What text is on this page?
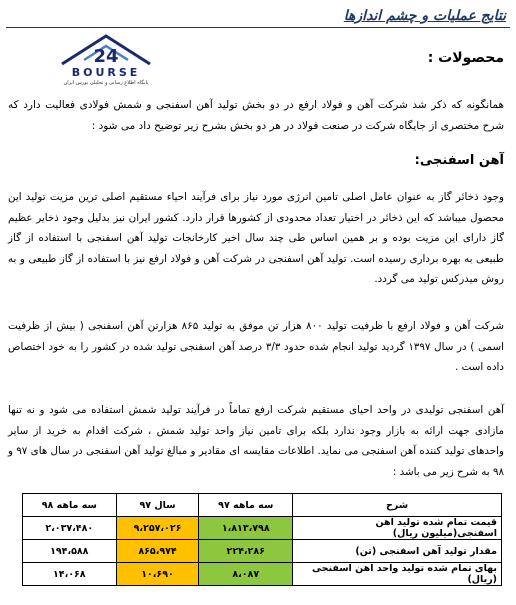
نتایج عملیات و چشم اندازها
24
BOURSE
پایگاه اطلاع رسانی و تحلیلی بورس ایران
محصولات :
همانگونه که ذکر شد شرکت آهن و فولاد ارفع در دو بخش تولید آهن اسفنجی و شمش فولادی فعالیت دارد که شرح مختصری از جایگاه شرکت در صنعت فولاد در هر دو بخش بشرح زیر توضیح داد می شود :
آهن اسفنجی:
وجود ذخائر گاز به عنوان عامل اصلی تامین انرژی مورد نیاز برای فرآیند احیاء مستقیم اصلی ترین مزیت تولید این محصول میباشد که این ذخائر در اختیار تعداد محدودی از کشورها قرار دارد. کشور ایران نیز بدلیل وجود ذخایر عظیم گاز دارای این مزیت بوده و بر همین اساس طی چند سال اخیر کارخانجات تولید آهن اسفنجی با استفاده از گاز طبیعی به بهره برداری رسیده است. تولید آهن اسفنجی در شرکت آهن و فولاد ارفع نیز با استفاده از گاز طبیعی و به روش میدرکس تولید می گردد.
شرکت آهن و فولاد ارفع با ظرفیت تولید ۸۰۰ هزار تن موفق به تولید ۸۶۵ هزارتن آهن اسفنجی ( بیش از ظرفیت اسمی ) در سال ۱۳۹۷ گردید تولید انجام شده حدود ۳/۳ درصد آهن اسفنجی تولید شده در کشور را به خود اختصاص داده است .
آهن اسفنجی تولیدی در واحد احیای مستقیم شرکت ارفع تماماً در فرآیند تولید شمش استفاده می شود و نه تنها مازادی جهت ارائه به بازار وجود ندارد بلکه برای تامین نیاز واحد تولید شمش ، شرکت اقدام به خرید از سایر واحدهای تولید کننده آهن اسفنجی می نماید. اطلاعات مقایسه ای مقادیر و مبالغ تولید آهن اسفنجی در سال های ۹۷ و ۹۸ به شرح زیر می باشد :
شرح	سه ماهه ۹۷	سال ۹۷	سه ماهه ۹۸
قیمت تمام شده تولید آهن اسفنجی(میلیون ریال)	۱،۸۱۳،۷۹۸	۹،۲۵۷،۰۲۶	۲،۰۳۷،۴۸۰
مقدار تولید آهن اسفنجی (تن)	۲۲۴،۲۸۶	۸۶۵،۹۷۴	۱۹۴،۵۸۸
بهای تمام شده تولید واحد آهن اسفنجی (ریال)	۸،۰۸۷	۱۰،۶۹۰	۱۴،۰۶۸
